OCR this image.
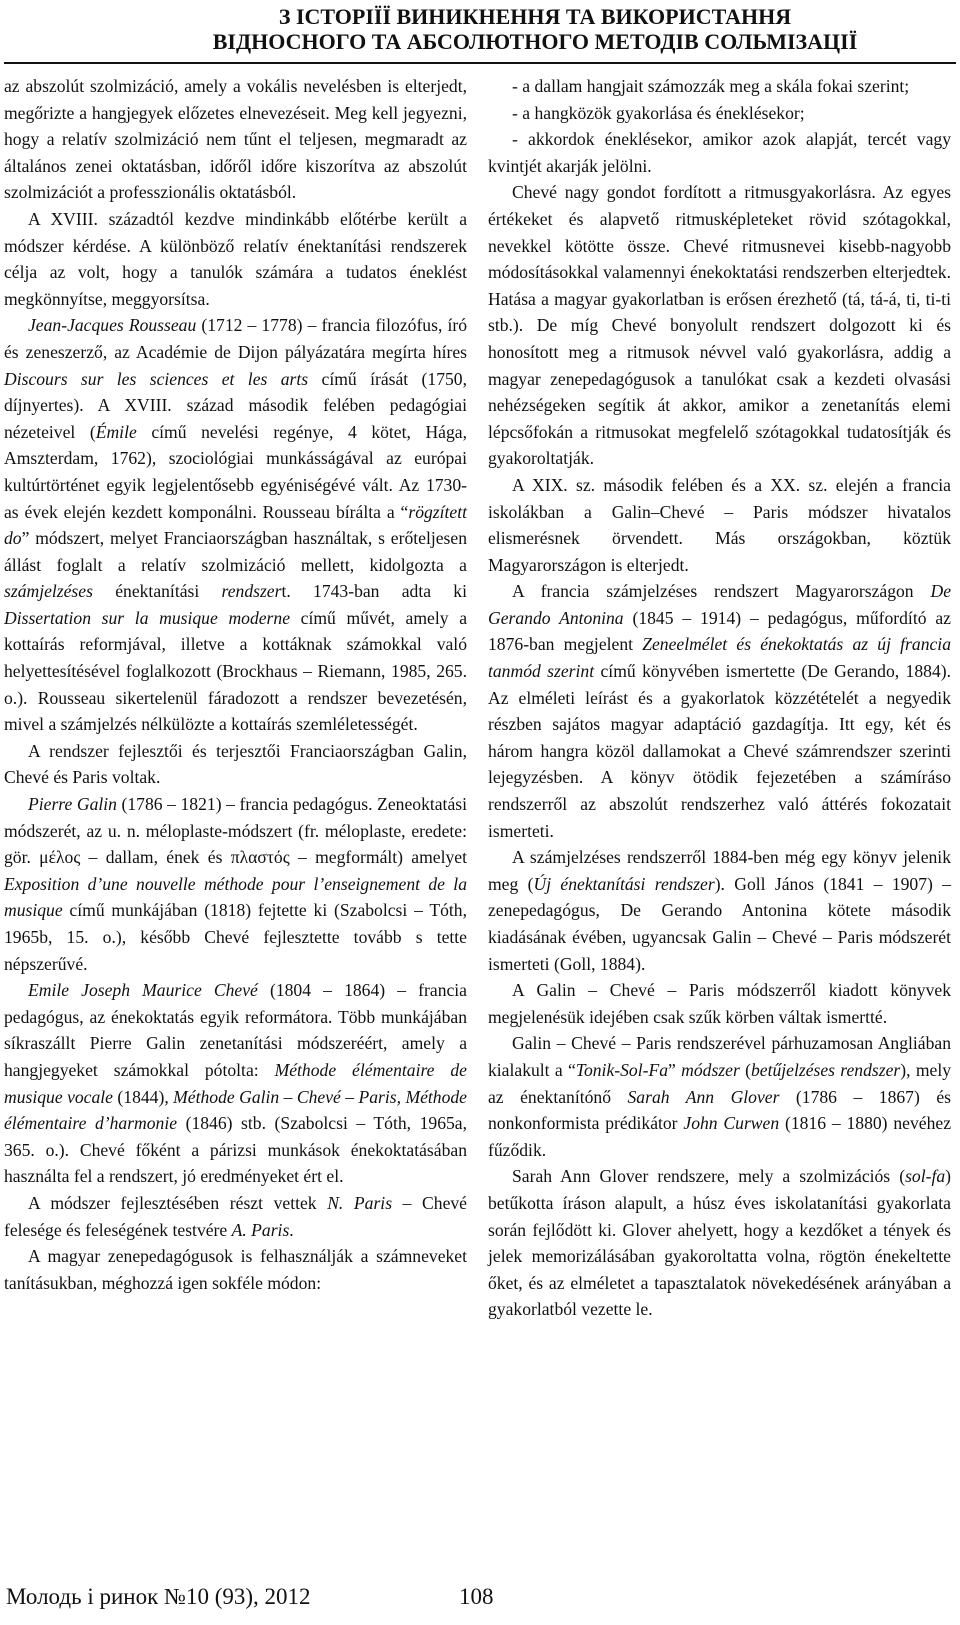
З ІСТОРІЇЇ ВИНИКНЕННЯ ТА ВИКОРИСТАННЯ
ВІДНОСНОГО ТА АБСОЛЮТНОГО МЕТОДІВ СОЛЬМІЗАЦІЇ

az abszolút szolmizáció, amely a vokális nevelésben is elterjedt, megőrizte a hangjegyek előzetes elnevezéseit. Meg kell jegyezni, hogy a relatív szolmizáció nem tűnt el teljesen, megmaradt az általános zenei oktatásban, időről időre kiszorítva az abszolút szolmizációt a professzionális oktatásból.

A XVIII. századtól kezdve mindinkább előtérbe került a módszer kérdése. A különböző relatív énektanítási rendszerek célja az volt, hogy a tanulók számára a tudatos éneklést megkönnyítse, meggyorsítsa.

Jean-Jacques Rousseau (1712 – 1778) – francia filozófus, író és zeneszerző, az Académie de Dijon pályázatára megírta híres Discours sur les sciences et les arts című írását (1750, díjnyertes). A XVIII. század második felében pedagógiai nézeteivel (Émile című nevelési regénye, 4 kötet, Hága, Amszterdam, 1762), szociológiai munkásságával az európai kultúrtörténet egyik legjelentősebb egyéniségévé vált. Az 1730-as évek elején kezdett komponálni. Rousseau bírálta a “rögzített do” módszert, melyet Franciaországban használtak, s erőteljesen állást foglalt a relatív szolmizáció mellett, kidolgozta a számjelzéses énektanítási rendszert. 1743-ban adta ki Dissertation sur la musique moderne című művét, amely a kottaírás reformjával, illetve a kottáknak számokkal való helyettesítésével foglalkozott (Brockhaus – Riemann, 1985, 265. o.). Rousseau sikertelenül fáradozott a rendszer bevezetésén, mivel a számjelzés nélkülözte a kottaírás szemléletességét.

A rendszer fejlesztői és terjesztői Franciaországban Galin, Chevé és Paris voltak.

Pierre Galin (1786 – 1821) – francia pedagógus. Zeneoktatási módszerét, az u. n. méloplaste-módszert (fr. méloplaste, eredete: gör. μέλος – dallam, ének és πλαστός – megformált) amelyet Exposition d’une nouvelle méthode pour l’enseignement de la musique című munkájában (1818) fejtette ki (Szabolcsi – Tóth, 1965b, 15. o.), később Chevé fejlesztette tovább s tette népszerűvé.

Emile Joseph Maurice Chevé (1804 – 1864) – francia pedagógus, az énekoktatás egyik reformátora. Több munkájában síkraszállt Pierre Galin zenetanítási módszeréért, amely a hangjegyeket számokkal pótolta: Méthode élémentaire de musique vocale (1844), Méthode Galin – Chevé – Paris, Méthode élémentaire d’harmonie (1846) stb. (Szabolcsi – Tóth, 1965a, 365. o.). Chevé főként a párizsi munkások énekoktatásában használta fel a rendszert, jó eredményeket ért el.

A módszer fejlesztésében részt vettek N. Paris – Chevé felesége és feleségének testvére A. Paris.

A magyar zenepedagógusok is felhasználják a számneveket tanításukban, méghozzá igen sokféle módon:

- a dallam hangjait számozzák meg a skála fokai szerint;

- a hangközök gyakorlása és éneklésekor;

- akkordok éneklésekor, amikor azok alapját, tercét vagy kvintjét akarják jelölni.

Chevé nagy gondot fordított a ritmusgyakorlásra. Az egyes értékeket és alapvető ritmusképleteket rövid szótagokkal, nevekkel kötötte össze. Chevé ritmusnevei kisebb-nagyobb módosításokkal valamennyi énekoktatási rendszerben elterjedtek. Hatása a magyar gyakorlatban is erősen érezhető (tá, tá-á, ti, ti-ti stb.). De míg Chevé bonyolult rendszert dolgozott ki és honosított meg a ritmusok névvel való gyakorlásra, addig a magyar zenepedagógusok a tanulókat csak a kezdeti olvasási nehézségeken segítik át akkor, amikor a zenetanítás elemi lépcsőfokán a ritmusokat megfelelő szótagokkal tudatosítják és gyakoroltatják.

A XIX. sz. második felében és a XX. sz. elején a francia iskolákban a Galin–Chevé – Paris módszer hivatalos elismerésnek örvendett. Más országokban, köztük Magyarországon is elterjedt.

A francia számjelzéses rendszert Magyarországon De Gerando Antonina (1845 – 1914) – pedagógus, műfordító az 1876-ban megjelent Zeneelmélet és énekoktatás az új francia tanmód szerint című könyvében ismertette (De Gerando, 1884). Az elméleti leírást és a gyakorlatok közzétételét a negyedik részben sajátos magyar adaptáció gazdagítja. Itt egy, két és három hangra közöl dallamokat a Chevé számrendszer szerinti lejegyzésben. A könyv ötödik fejezetében a számíráso rendszerről az abszolút rendszerhez való áttérés fokozatait ismerteti.

A számjelzéses rendszerről 1884-ben még egy könyv jelenik meg (Új énektanítási rendszer). Goll János (1841 – 1907) – zenepedagógus, De Gerando Antonina kötete második kiadásának évében, ugyancsak Galin – Chevé – Paris módszerét ismerteti (Goll, 1884).

A Galin – Chevé – Paris módszerről kiadott könyvek megjelenésük idejében csak szűk körben váltak ismertté.

Galin – Chevé – Paris rendszerével párhuzamosan Angliában kialakult a “Tonik-Sol-Fa” módszer (betűjelzéses rendszer), mely az énektanítónő Sarah Ann Glover (1786 – 1867) és nonkonformista prédikátor John Curwen (1816 – 1880) nevéhez fűződik.

Sarah Ann Glover rendszere, mely a szolmizációs (sol-fa) betűkotta íráson alapult, a húsz éves iskolatanítási gyakorlata során fejlődött ki. Glover ahelyett, hogy a kezdőket a tények és jelek memorizálásában gyakoroltatta volna, rögtön énekeltette őket, és az elméletet a tapasztalatok növekedésének arányában a gyakorlatból vezette le.

Молодь і ринок №10 (93), 2012	108
